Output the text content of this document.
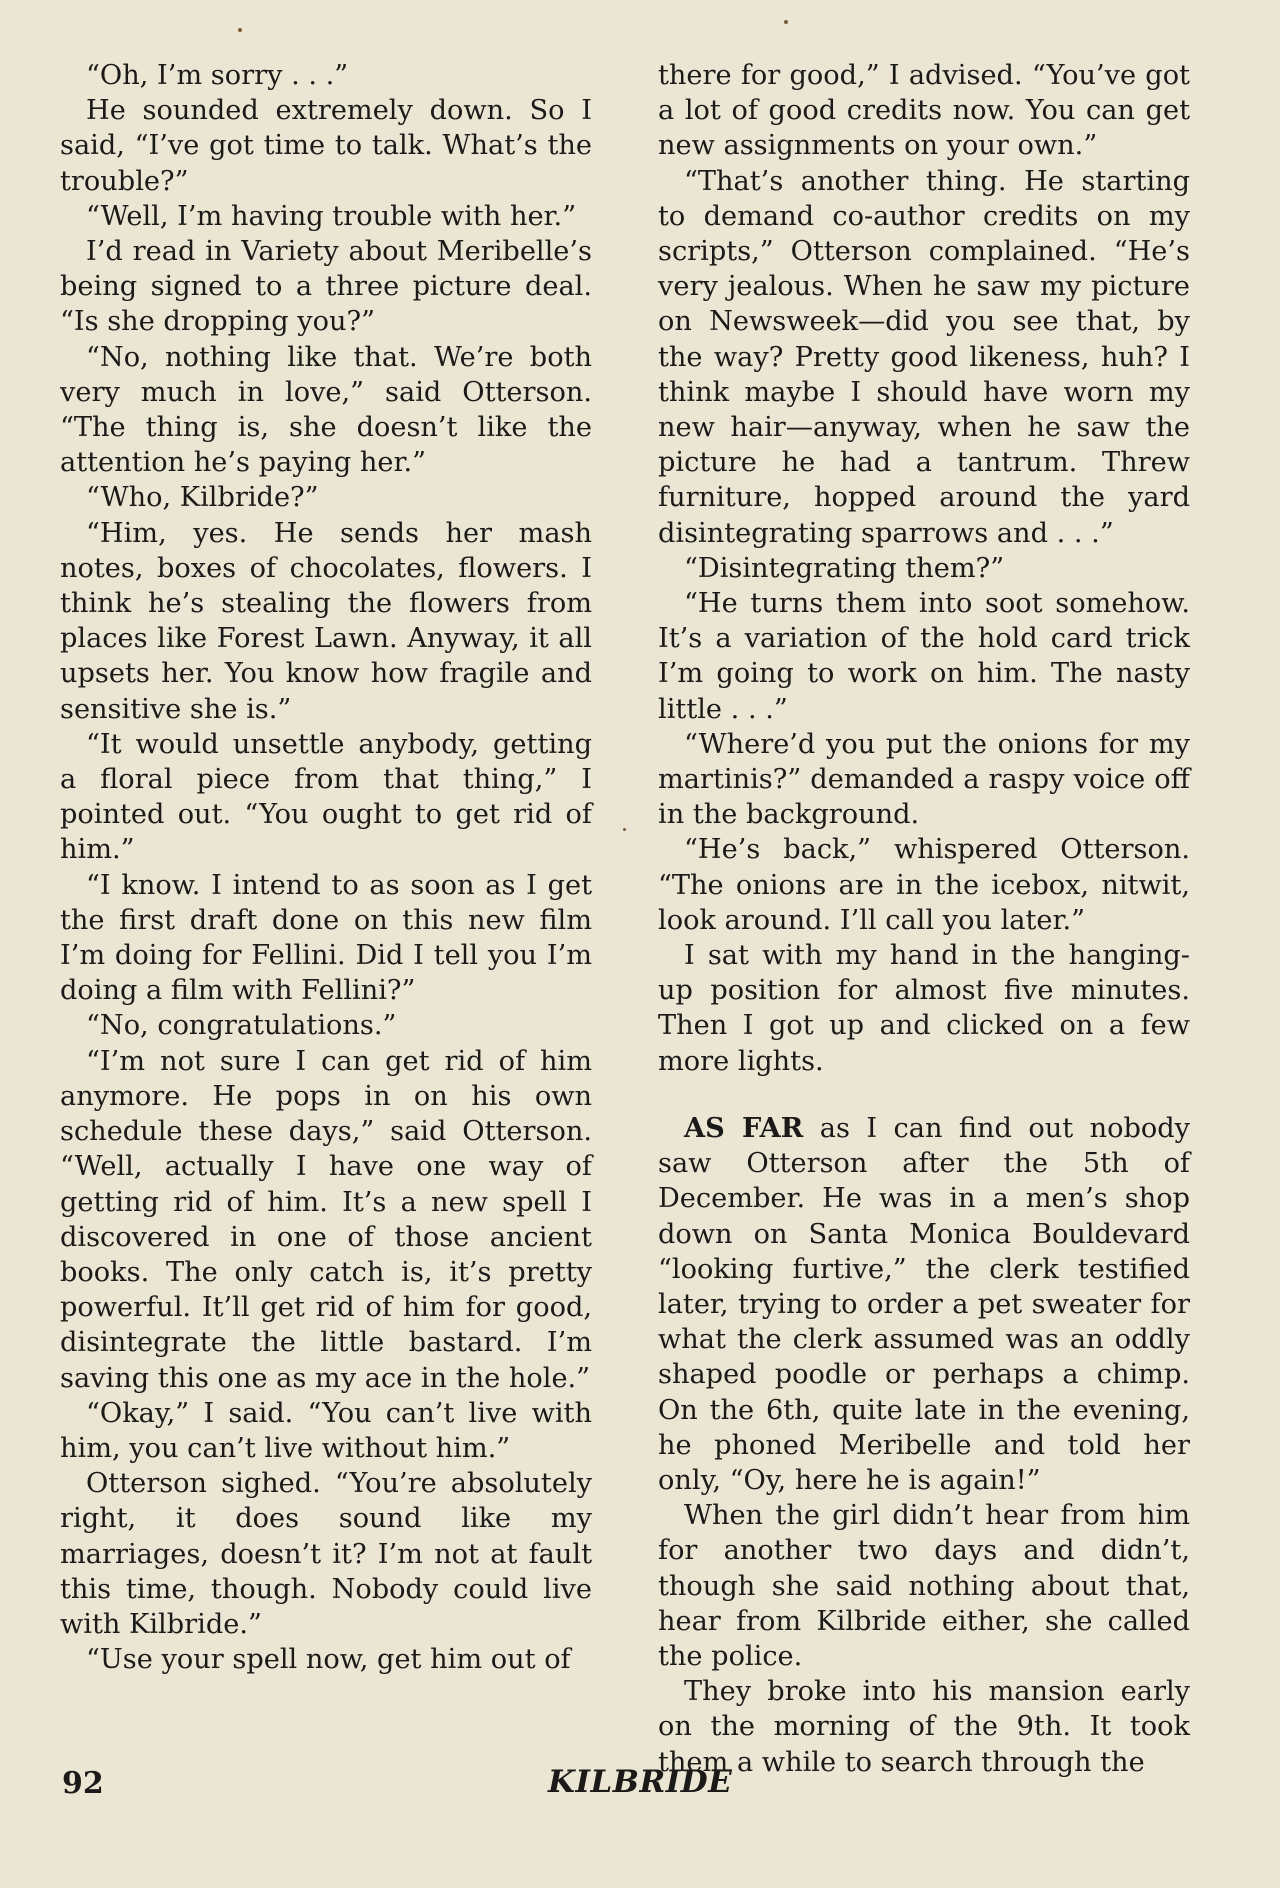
“Oh, I’m sorry . . .”

He sounded extremely down. So I said, “I’ve got time to talk. What’s the trouble?”

“Well, I’m having trouble with her.”

I’d read in Variety about Meribelle’s being signed to a three picture deal. “Is she dropping you?”

“No, nothing like that. We’re both very much in love,” said Otterson. “The thing is, she doesn’t like the attention he’s paying her.”

“Who, Kilbride?”

“Him, yes. He sends her mash notes, boxes of chocolates, flowers. I think he’s stealing the flowers from places like Forest Lawn. Anyway, it all upsets her. You know how fragile and sensitive she is.”

“It would unsettle anybody, getting a floral piece from that thing,” I pointed out. “You ought to get rid of him.”

“I know. I intend to as soon as I get the first draft done on this new film I’m doing for Fellini. Did I tell you I’m doing a film with Fellini?”

“No, congratulations.”

“I’m not sure I can get rid of him anymore. He pops in on his own schedule these days,” said Otterson. “Well, actually I have one way of getting rid of him. It’s a new spell I discovered in one of those ancient books. The only catch is, it’s pretty powerful. It’ll get rid of him for good, disintegrate the little bastard. I’m saving this one as my ace in the hole.”

“Okay,” I said. “You can’t live with him, you can’t live without him.”

Otterson sighed. “You’re absolutely right, it does sound like my marriages, doesn’t it? I’m not at fault this time, though. Nobody could live with Kilbride.”

“Use your spell now, get him out of

there for good,” I advised. “You’ve got a lot of good credits now. You can get new assignments on your own.”

“That’s another thing. He starting to demand co-author credits on my scripts,” Otterson complained. “He’s very jealous. When he saw my picture on Newsweek—did you see that, by the way? Pretty good likeness, huh? I think maybe I should have worn my new hair—anyway, when he saw the picture he had a tantrum. Threw furniture, hopped around the yard disintegrating sparrows and . . .”

“Disintegrating them?”

“He turns them into soot somehow. It’s a variation of the hold card trick I’m going to work on him. The nasty little . . .”

“Where’d you put the onions for my martinis?” demanded a raspy voice off in the background.

“He’s back,” whispered Otterson. “The onions are in the icebox, nitwit, look around. I’ll call you later.”

I sat with my hand in the hanging-up position for almost five minutes. Then I got up and clicked on a few more lights.

AS FAR as I can find out nobody saw Otterson after the 5th of December. He was in a men’s shop down on Santa Monica Bouldevard “looking furtive,” the clerk testified later, trying to order a pet sweater for what the clerk assumed was an oddly shaped poodle or perhaps a chimp. On the 6th, quite late in the evening, he phoned Meribelle and told her only, “Oy, here he is again!”

When the girl didn’t hear from him for another two days and didn’t, though she said nothing about that, hear from Kilbride either, she called the police.

They broke into his mansion early on the morning of the 9th. It took them a while to search through the

92	KILBRIDE
